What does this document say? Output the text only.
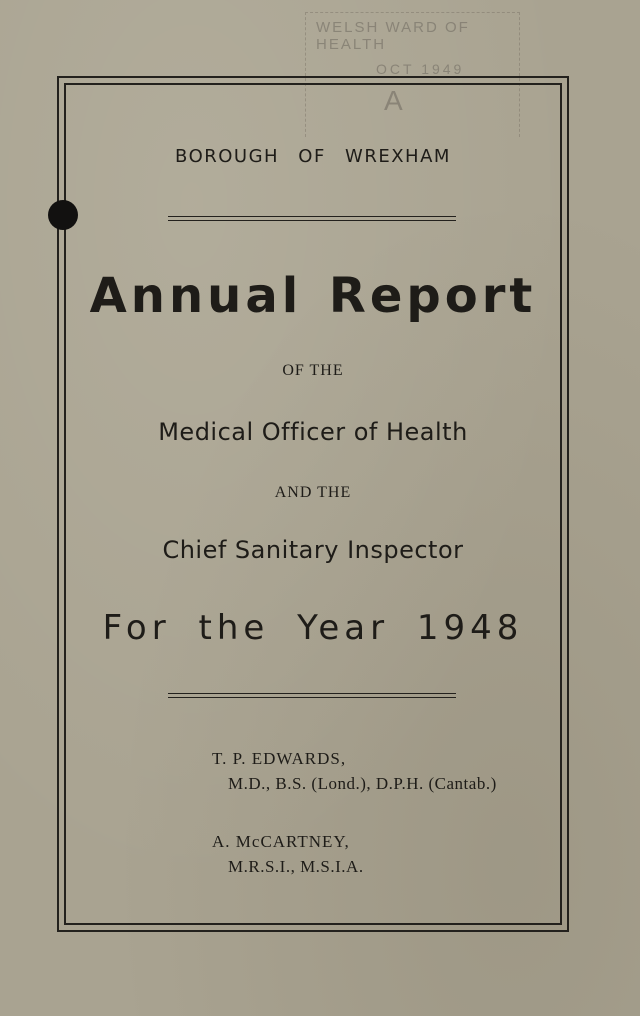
WELSH WARD OF HEALTH
OCT 1949
A

BOROUGH OF WREXHAM

Annual Report

OF THE

Medical Officer of Health

AND THE

Chief Sanitary Inspector

For the Year 1948

T. P. EDWARDS,

M.D., B.S. (Lond.), D.P.H. (Cantab.)

A. McCARTNEY,

M.R.S.I., M.S.I.A.
